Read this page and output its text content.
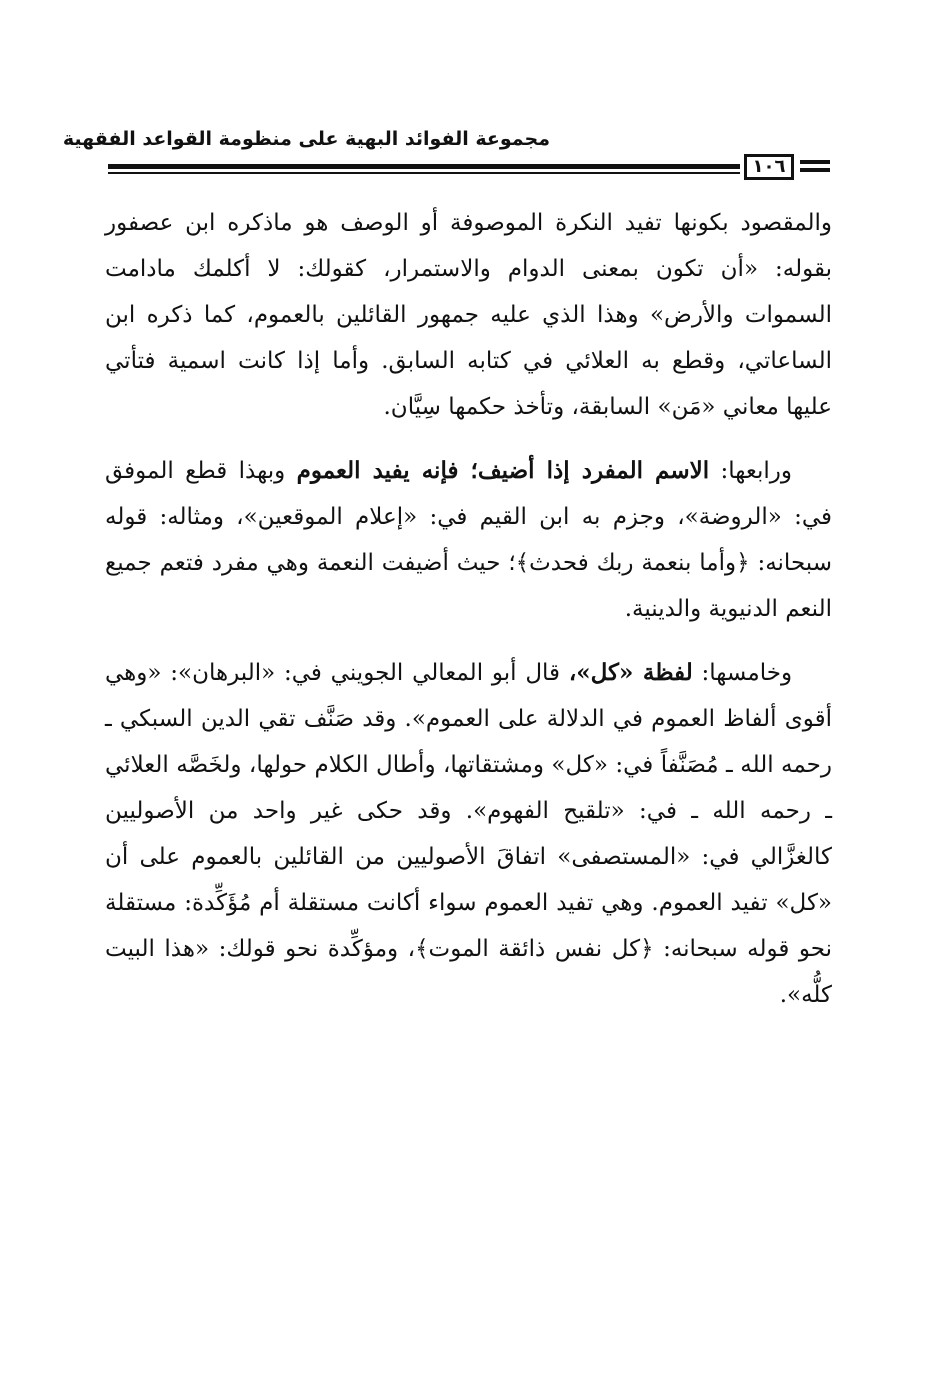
مجموعة الفوائد البهية على منظومة القواعد الفقهية
١٠٦

والمقصود بكونها تفيد النكرة الموصوفة أو الوصف هو ماذكره ابن عصفور بقوله: «أن تكون بمعنى الدوام والاستمرار، كقولك: لا أكلمك مادامت السموات والأرض» وهذا الذي عليه جمهور القائلين بالعموم، كما ذكره ابن الساعاتي، وقطع به العلائي في كتابه السابق. وأما إذا كانت اسمية فتأتي عليها معاني «مَن» السابقة، وتأخذ حكمها سِيَّان.

ورابعها: الاسم المفرد إذا أضيف؛ فإنه يفيد العموم وبهذا قطع الموفق في: «الروضة»، وجزم به ابن القيم في: «إعلام الموقعين»، ومثاله: قوله سبحانه: ﴿وأما بنعمة ربك فحدث﴾؛ حيث أضيفت النعمة وهي مفرد فتعم جميع النعم الدنيوية والدينية.

وخامسها: لفظة «كل»، قال أبو المعالي الجويني في: «البرهان»: «وهي أقوى ألفاظ العموم في الدلالة على العموم». وقد صَنَّف تقي الدين السبكي ـ رحمه الله ـ مُصَنَّفاً في: «كل» ومشتقاتها، وأطال الكلام حولها، ولخَصَّه العلائي ـ رحمه الله ـ في: «تلقيح الفهوم». وقد حكى غير واحد من الأصوليين كالغزَّالي في: «المستصفى» اتفاقَ الأصوليين من القائلين بالعموم على أن «كل» تفيد العموم. وهي تفيد العموم سواء أكانت مستقلة أم مُؤَكِّدة: مستقلة نحو قوله سبحانه: ﴿كل نفس ذائقة الموت﴾، ومؤكِّدة نحو قولك: «هذا البيت كلُّه».
